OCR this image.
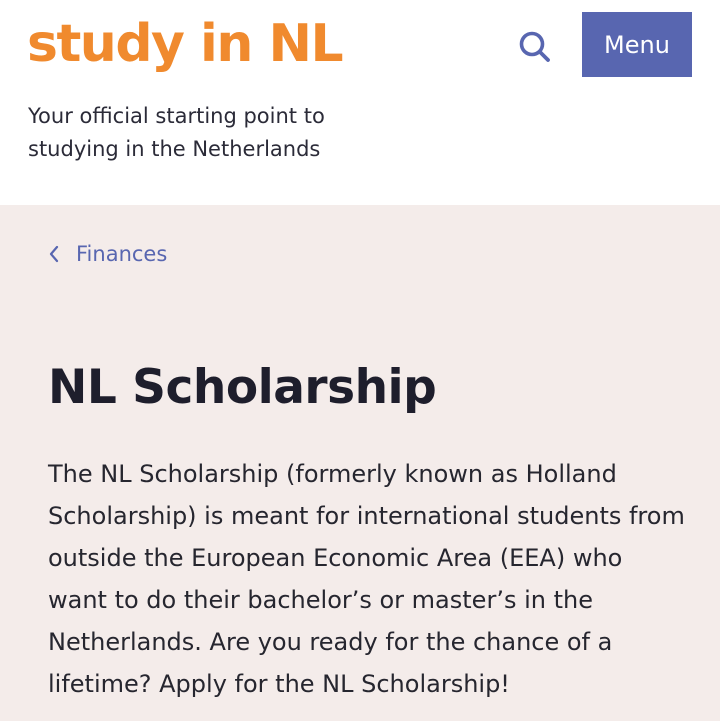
study in NL	Menu

Your official starting point to studying in the Netherlands

Finances
NL Scholarship

The NL Scholarship (formerly known as Holland Scholarship) is meant for international students from outside the European Economic Area (EEA) who want to do their bachelor’s or master’s in the Netherlands. Are you ready for the chance of a lifetime? Apply for the NL Scholarship!
